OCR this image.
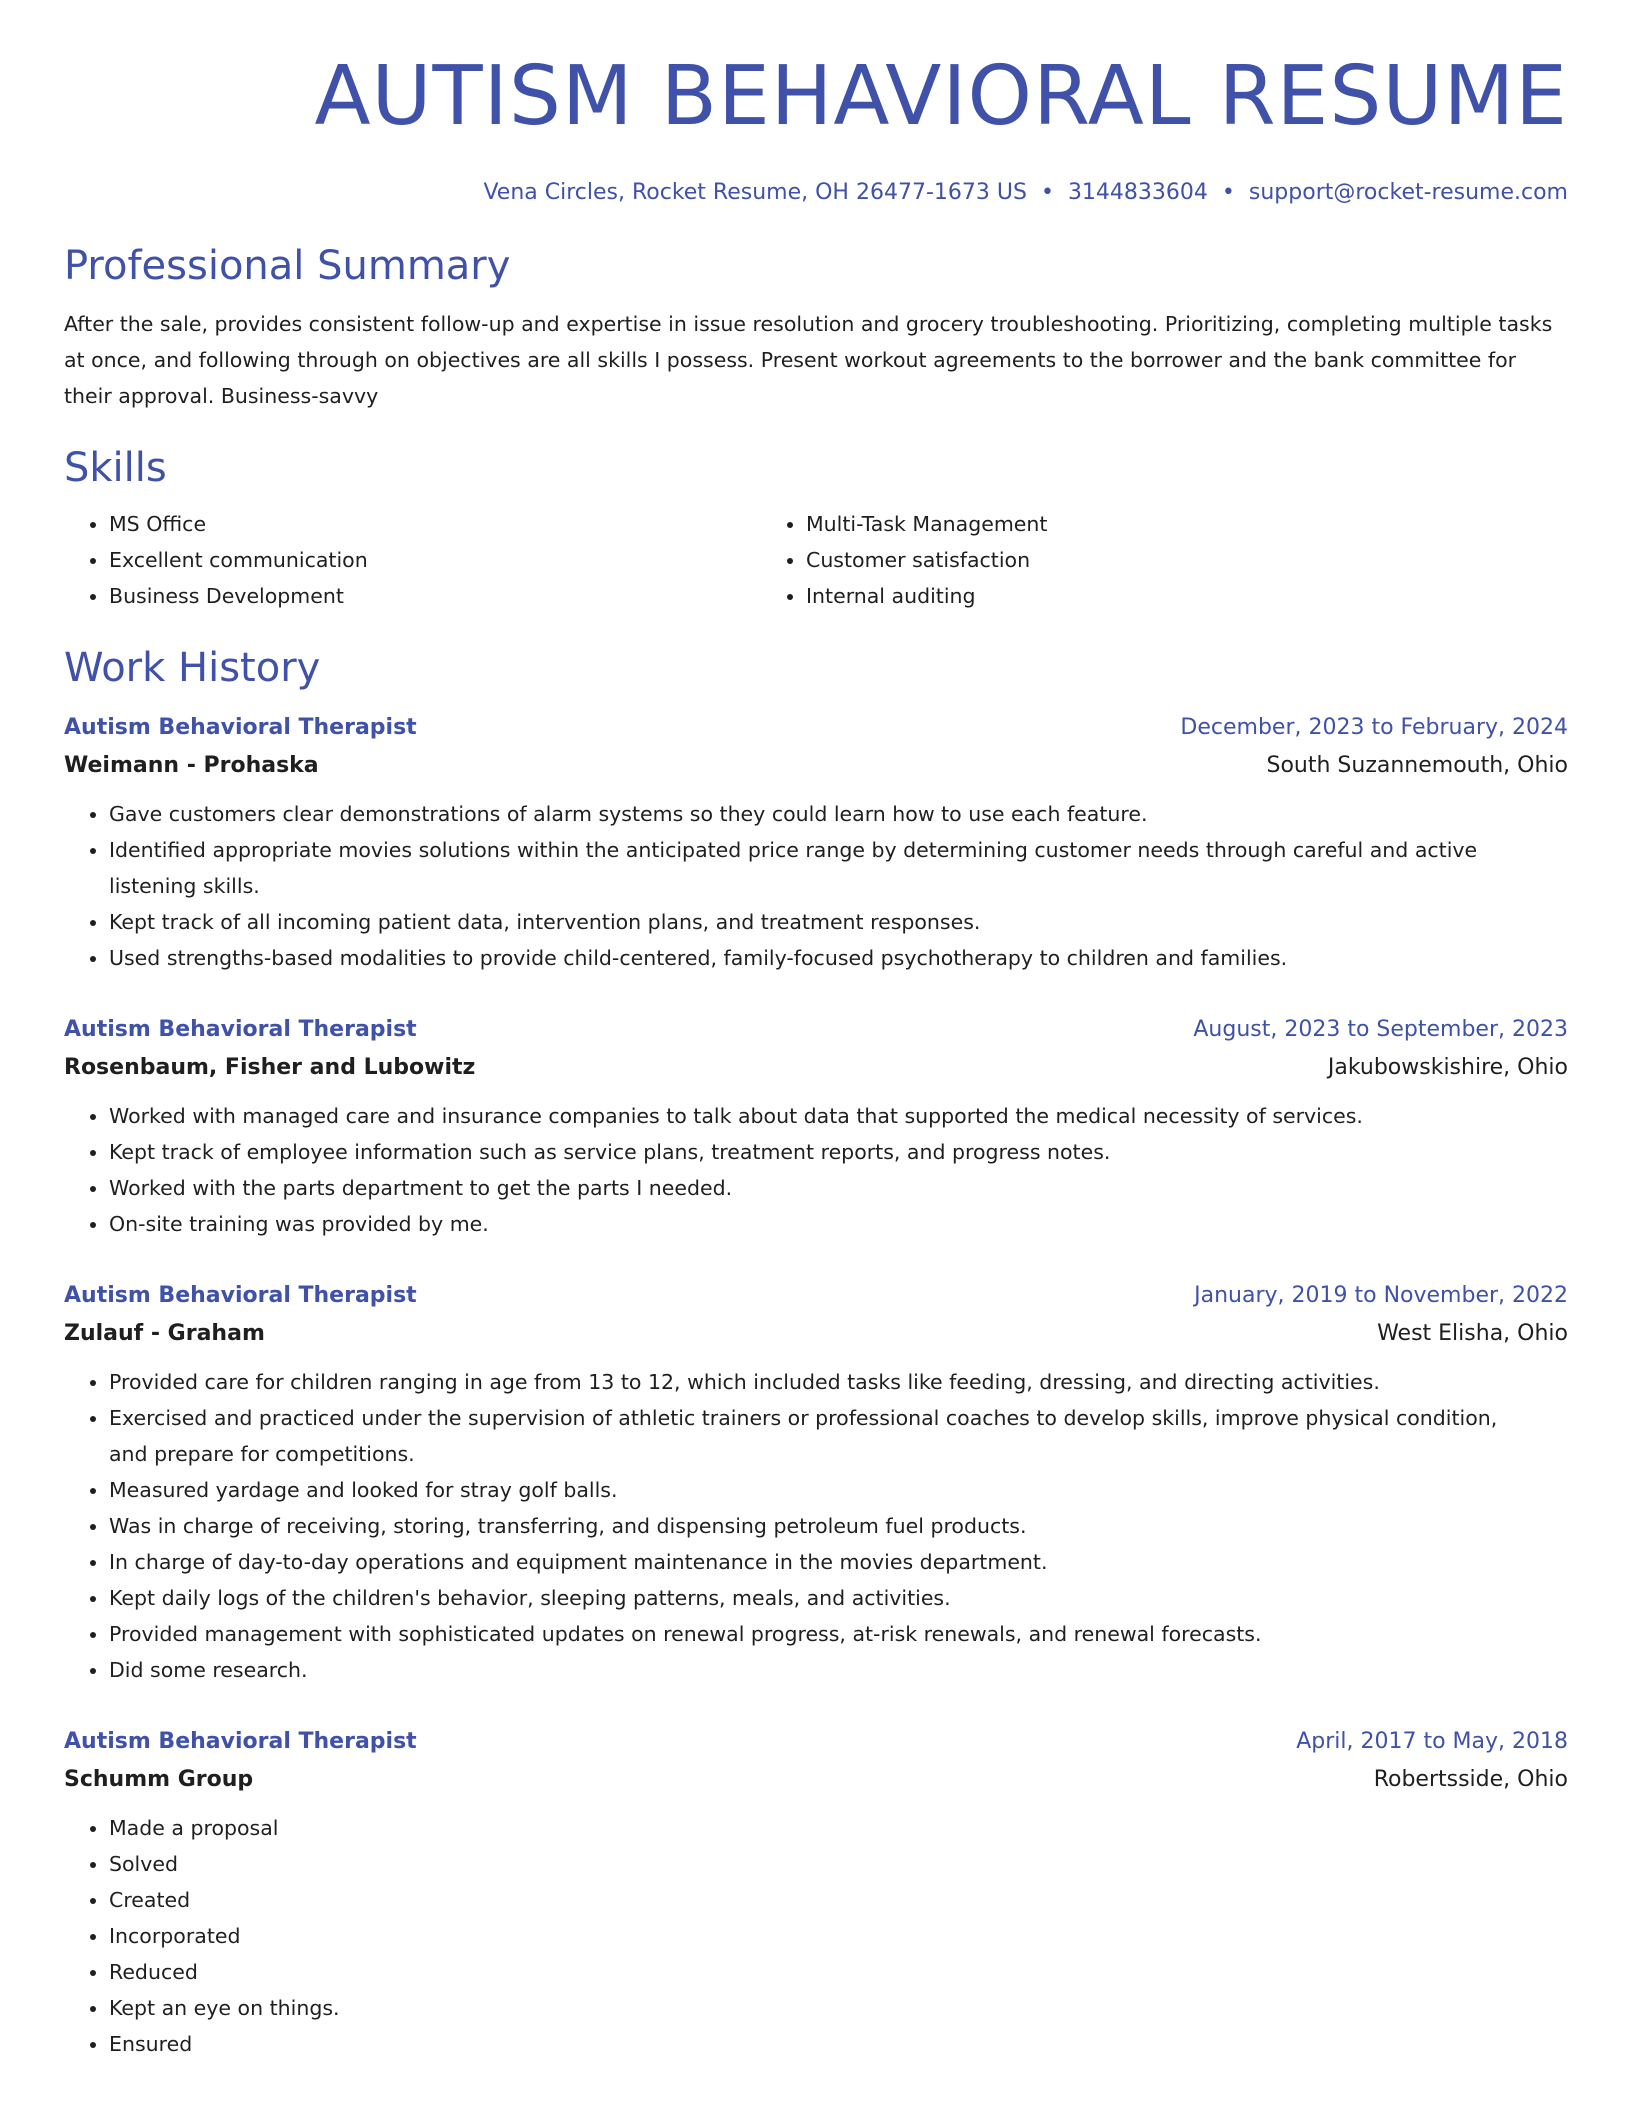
AUTISM BEHAVIORAL RESUME
Vena Circles, Rocket Resume, OH 26477-1673 US • 3144833604 • support@rocket-resume.com
Professional Summary
After the sale, provides consistent follow-up and expertise in issue resolution and grocery troubleshooting. Prioritizing, completing multiple tasks at once, and following through on objectives are all skills I possess. Present workout agreements to the borrower and the bank committee for their approval. Business-savvy
Skills
• MS Office
• Excellent communication
• Business Development
• Multi-Task Management
• Customer satisfaction
• Internal auditing
Work History
Autism Behavioral Therapist	December, 2023 to February, 2024
Weimann - Prohaska	South Suzannemouth, Ohio
• Gave customers clear demonstrations of alarm systems so they could learn how to use each feature.
• Identified appropriate movies solutions within the anticipated price range by determining customer needs through careful and active listening skills.
• Kept track of all incoming patient data, intervention plans, and treatment responses.
• Used strengths-based modalities to provide child-centered, family-focused psychotherapy to children and families.
Autism Behavioral Therapist	August, 2023 to September, 2023
Rosenbaum, Fisher and Lubowitz	Jakubowskishire, Ohio
• Worked with managed care and insurance companies to talk about data that supported the medical necessity of services.
• Kept track of employee information such as service plans, treatment reports, and progress notes.
• Worked with the parts department to get the parts I needed.
• On-site training was provided by me.
Autism Behavioral Therapist	January, 2019 to November, 2022
Zulauf - Graham	West Elisha, Ohio
• Provided care for children ranging in age from 13 to 12, which included tasks like feeding, dressing, and directing activities.
• Exercised and practiced under the supervision of athletic trainers or professional coaches to develop skills, improve physical condition, and prepare for competitions.
• Measured yardage and looked for stray golf balls.
• Was in charge of receiving, storing, transferring, and dispensing petroleum fuel products.
• In charge of day-to-day operations and equipment maintenance in the movies department.
• Kept daily logs of the children's behavior, sleeping patterns, meals, and activities.
• Provided management with sophisticated updates on renewal progress, at-risk renewals, and renewal forecasts.
• Did some research.
Autism Behavioral Therapist	April, 2017 to May, 2018
Schumm Group	Robertsside, Ohio
• Made a proposal
• Solved
• Created
• Incorporated
• Reduced
• Kept an eye on things.
• Ensured
